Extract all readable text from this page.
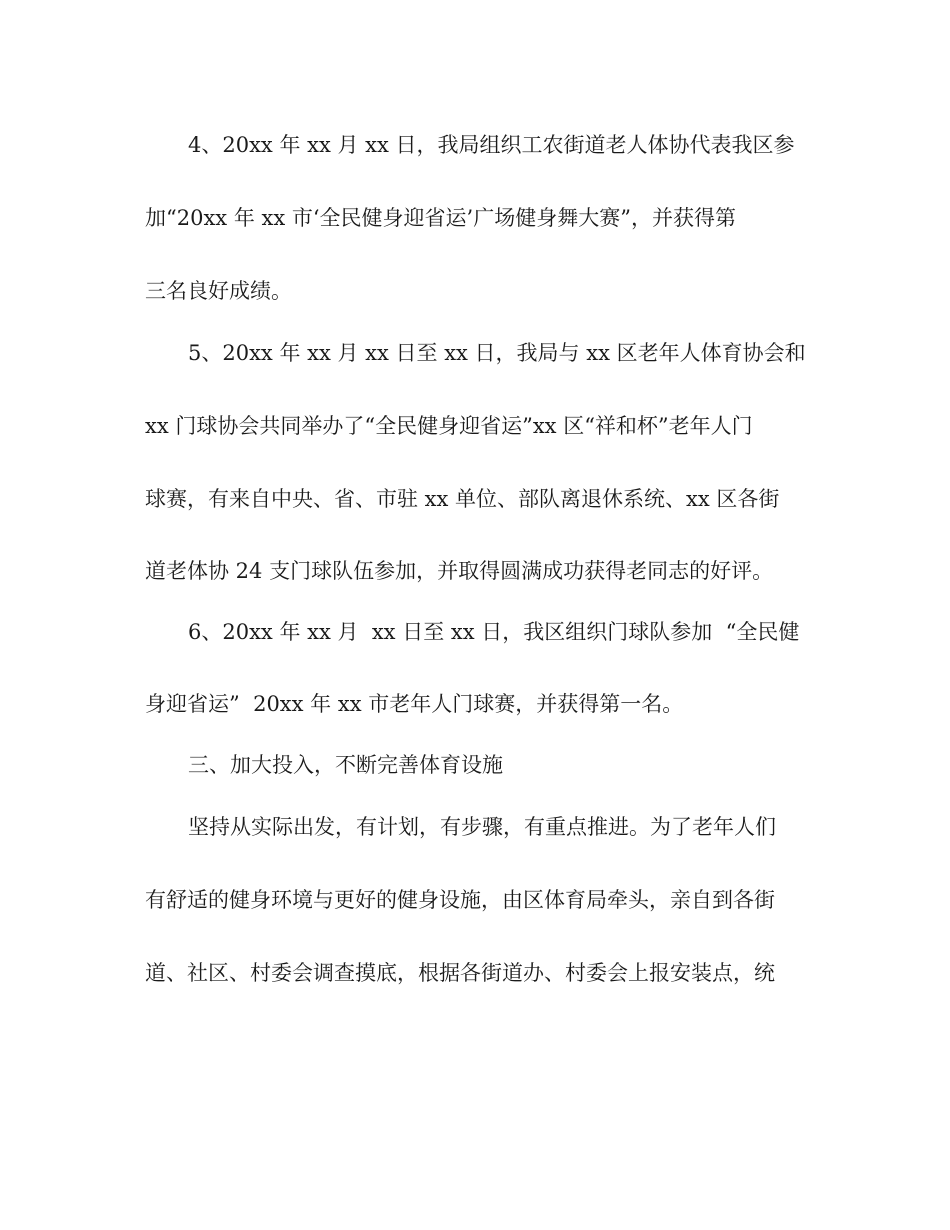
4、20xx 年 xx 月 xx 日，我局组织工农街道老人体协代表我区参

加“20xx 年 xx 市‘全民健身迎省运’广场健身舞大赛”，并获得第

三名良好成绩。

5、20xx 年 xx 月 xx 日至 xx 日，我局与 xx 区老年人体育协会和

xx 门球协会共同举办了“全民健身迎省运”xx 区“祥和杯”老年人门

球赛，有来自中央、省、市驻 xx 单位、部队离退休系统、xx 区各街

道老体协 24 支门球队伍参加，并取得圆满成功获得老同志的好评。

6、20xx 年 xx 月  xx 日至 xx 日，我区组织门球队参加  “全民健

身迎省运”  20xx 年 xx 市老年人门球赛，并获得第一名。

三、加大投入，不断完善体育设施

坚持从实际出发，有计划，有步骤，有重点推进。为了老年人们

有舒适的健身环境与更好的健身设施，由区体育局牵头，亲自到各街

道、社区、村委会调查摸底，根据各街道办、村委会上报安装点，统
